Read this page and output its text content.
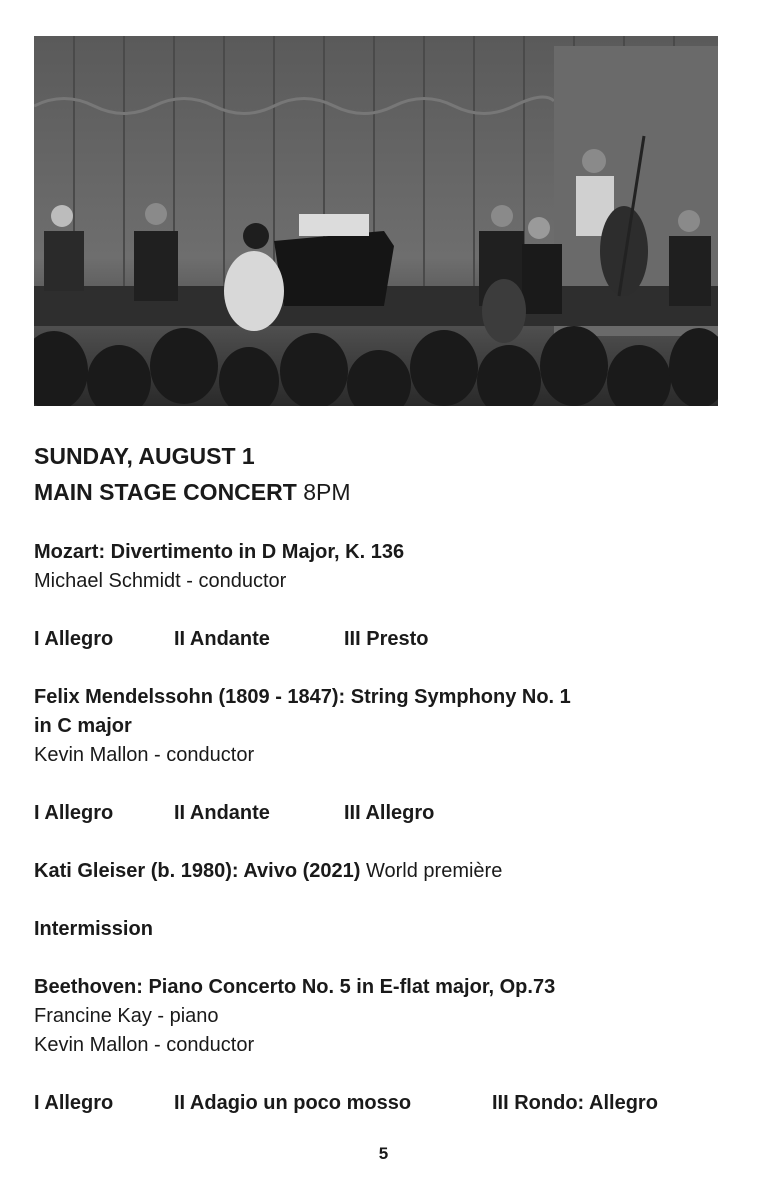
SUNDAY, AUGUST 1

MAIN STAGE CONCERT 8PM

Mozart: Divertimento in D Major, K. 136
Michael Schmidt - conductor
I Allegro	II Andante	III Presto
Felix Mendelssohn (1809 - 1847): String Symphony No. 1
in C major
Kevin Mallon - conductor
I Allegro	II Andante	III Allegro
Kati Gleiser (b. 1980): Avivo (2021) World première
Intermission
Beethoven: Piano Concerto No. 5 in E-flat major, Op.73
Francine Kay - piano
Kevin Mallon - conductor
I Allegro	II Adagio un poco mosso	III Rondo: Allegro
5
